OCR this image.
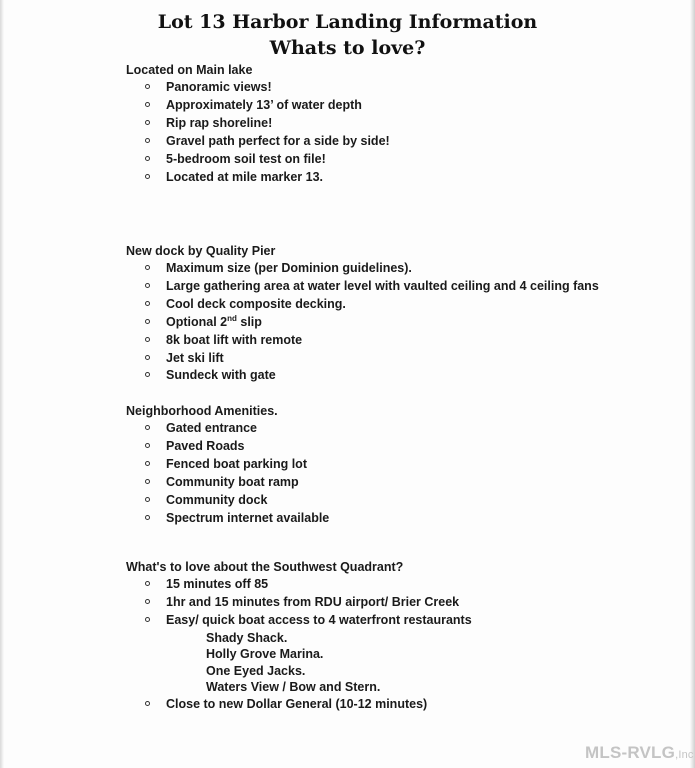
Lot 13 Harbor Landing Information
Whats to love?
Located on Main lake
Panoramic views!
Approximately 13’ of water depth
Rip rap shoreline!
Gravel path perfect for a side by side!
5-bedroom soil test on file!
Located at mile marker 13.
New dock by Quality Pier
Maximum size (per Dominion guidelines).
Large gathering area at water level with vaulted ceiling and 4 ceiling fans
Cool deck composite decking.
Optional 2nd slip
8k boat lift with remote
Jet ski lift
Sundeck with gate
Neighborhood Amenities.
Gated entrance
Paved Roads
Fenced boat parking lot
Community boat ramp
Community dock
Spectrum internet available
What's to love about the Southwest Quadrant?
15 minutes off 85
1hr and 15 minutes from RDU airport/ Brier Creek
Easy/ quick boat access to 4 waterfront restaurants
Shady Shack.
Holly Grove Marina.
One Eyed Jacks.
Waters View / Bow and Stern.
Close to new Dollar General (10-12 minutes)
MLS-RVLG,Inc
